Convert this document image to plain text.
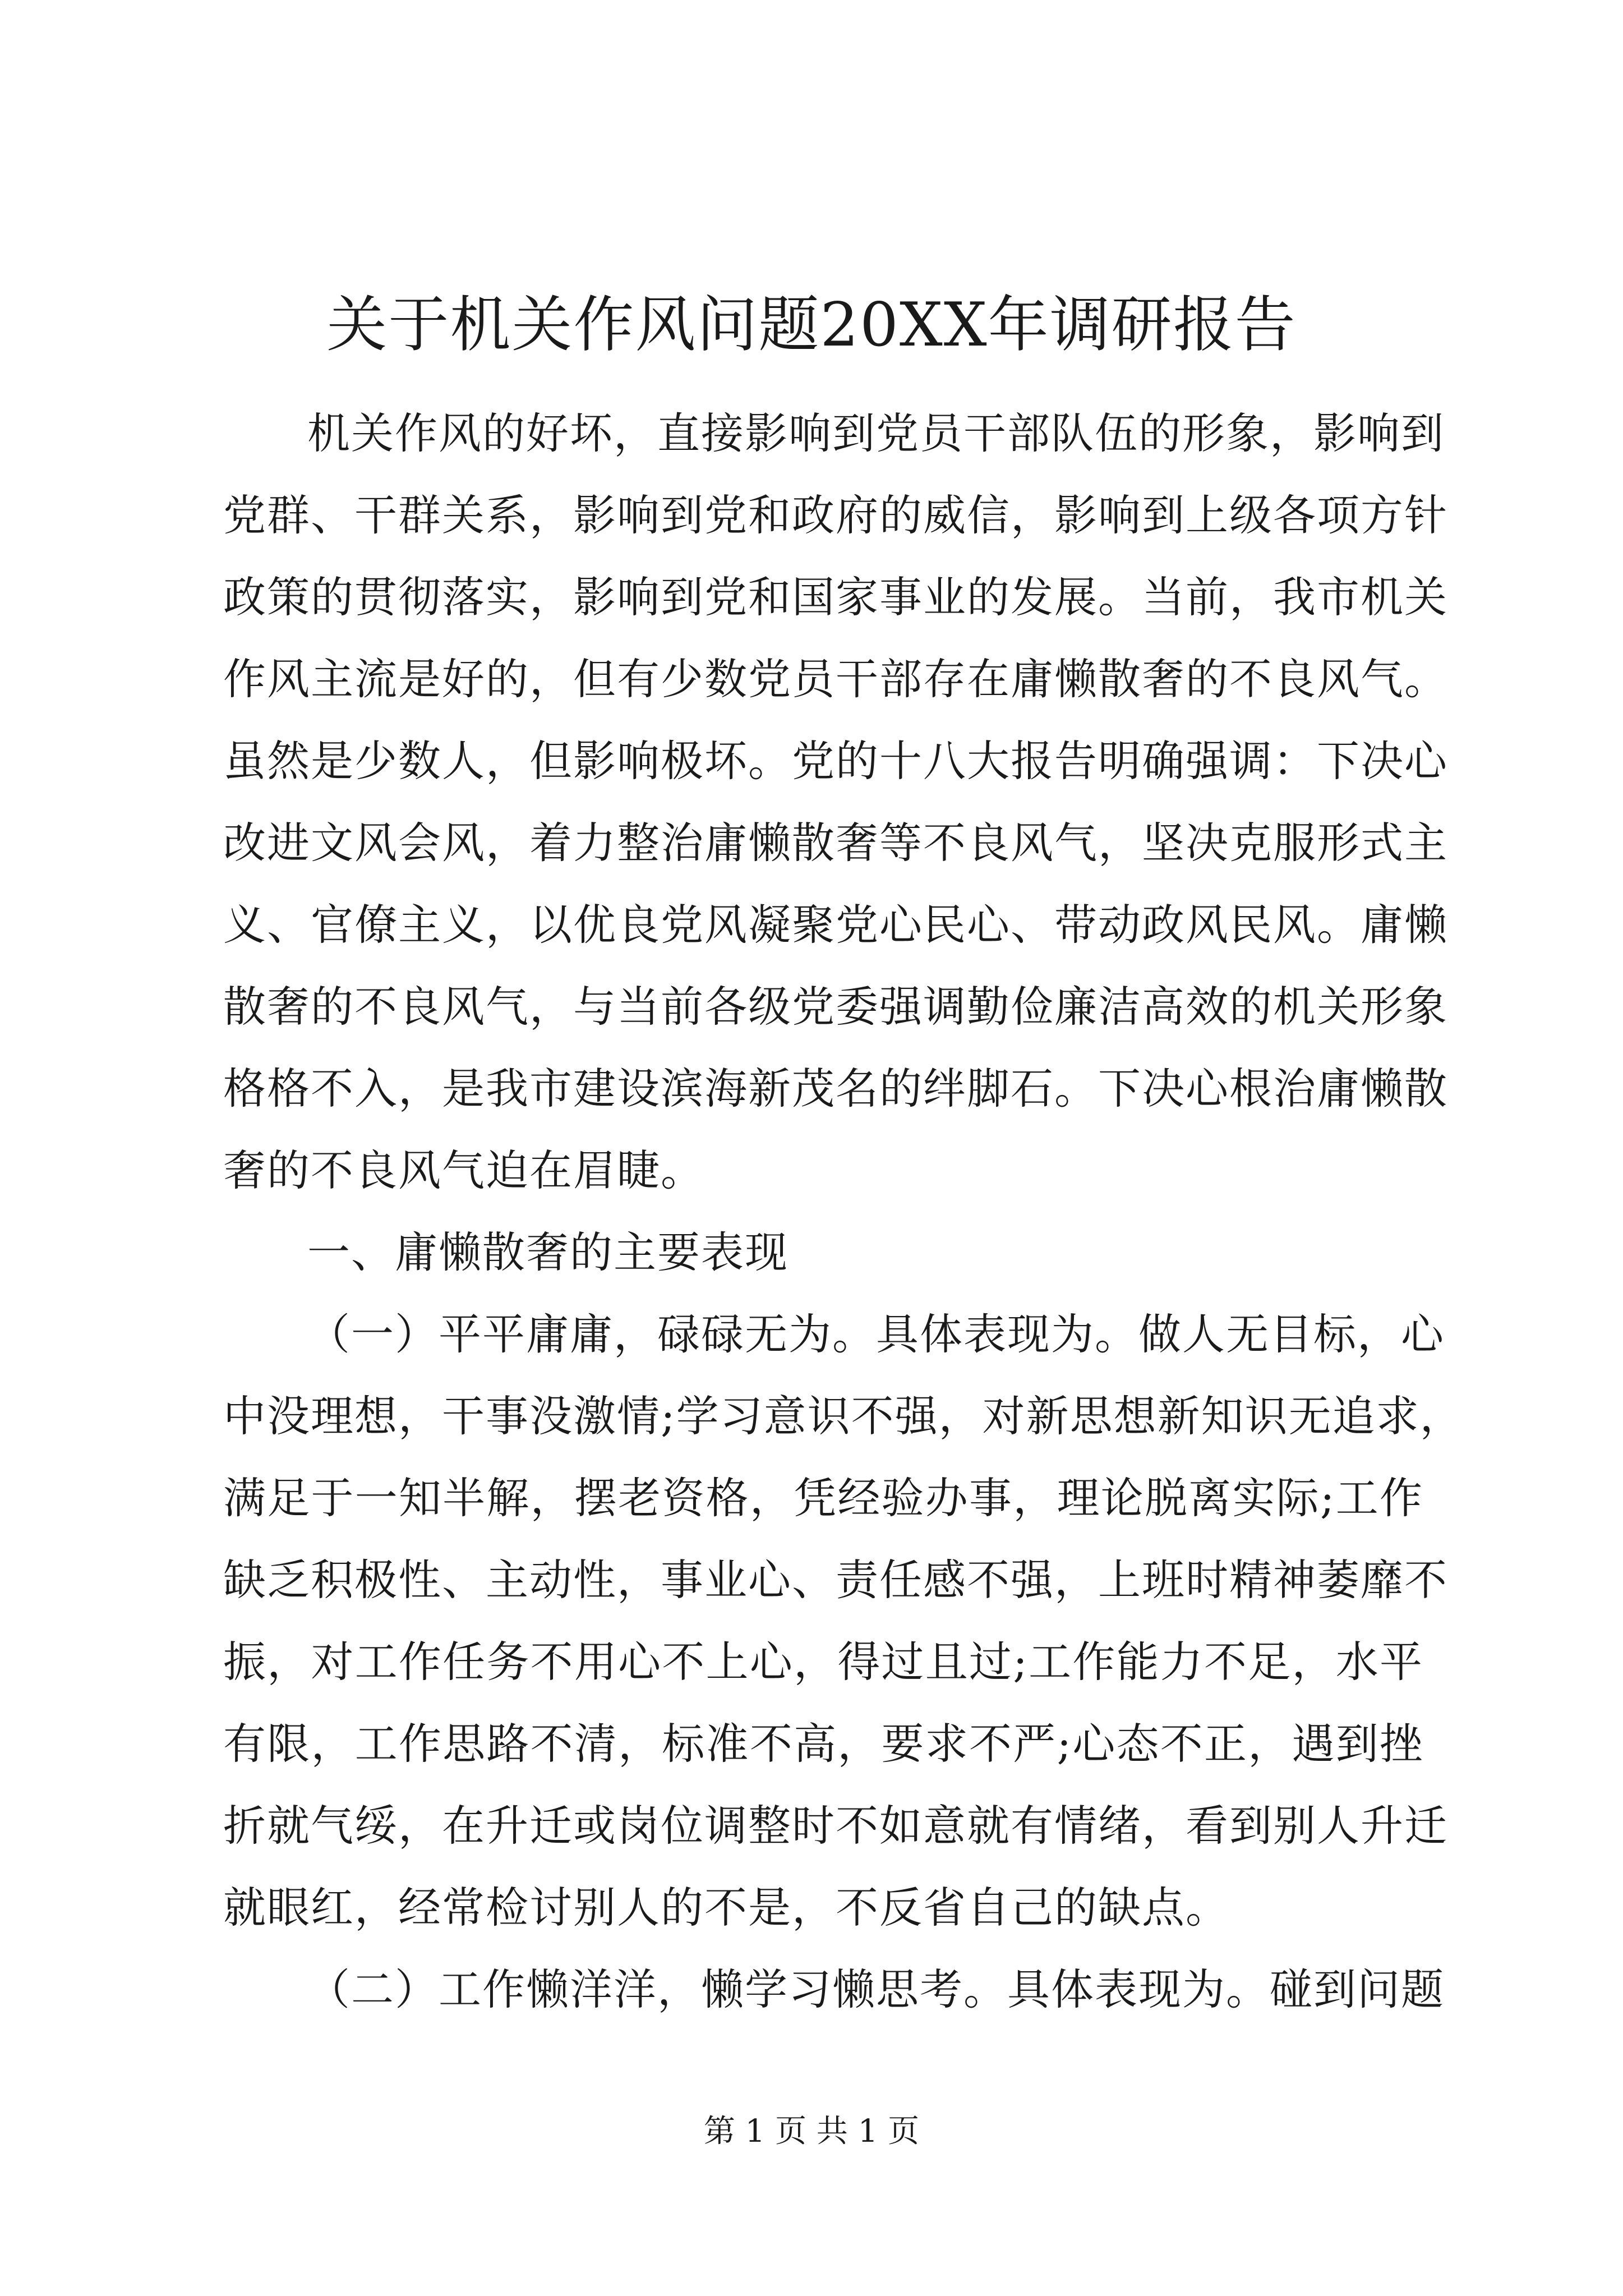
关于机关作风问题20XX年调研报告
机关作风的好坏，直接影响到党员干部队伍的形象，影响到
党群、干群关系，影响到党和政府的威信，影响到上级各项方针
政策的贯彻落实，影响到党和国家事业的发展。当前，我市机关
作风主流是好的，但有少数党员干部存在庸懒散奢的不良风气。
虽然是少数人，但影响极坏。党的十八大报告明确强调：下决心
改进文风会风，着力整治庸懒散奢等不良风气，坚决克服形式主
义、官僚主义，以优良党风凝聚党心民心、带动政风民风。庸懒
散奢的不良风气，与当前各级党委强调勤俭廉洁高效的机关形象
格格不入，是我市建设滨海新茂名的绊脚石。下决心根治庸懒散
奢的不良风气迫在眉睫。
一、庸懒散奢的主要表现
（一）平平庸庸，碌碌无为。具体表现为。做人无目标，心
中没理想，干事没激情;学习意识不强，对新思想新知识无追求，
满足于一知半解，摆老资格，凭经验办事，理论脱离实际;工作
缺乏积极性、主动性，事业心、责任感不强，上班时精神萎靡不
振，对工作任务不用心不上心，得过且过;工作能力不足，水平
有限，工作思路不清，标准不高，要求不严;心态不正，遇到挫
折就气绥，在升迁或岗位调整时不如意就有情绪，看到别人升迁
就眼红，经常检讨别人的不是，不反省自己的缺点。
（二）工作懒洋洋，懒学习懒思考。具体表现为。碰到问题
第 1 页 共 1 页
